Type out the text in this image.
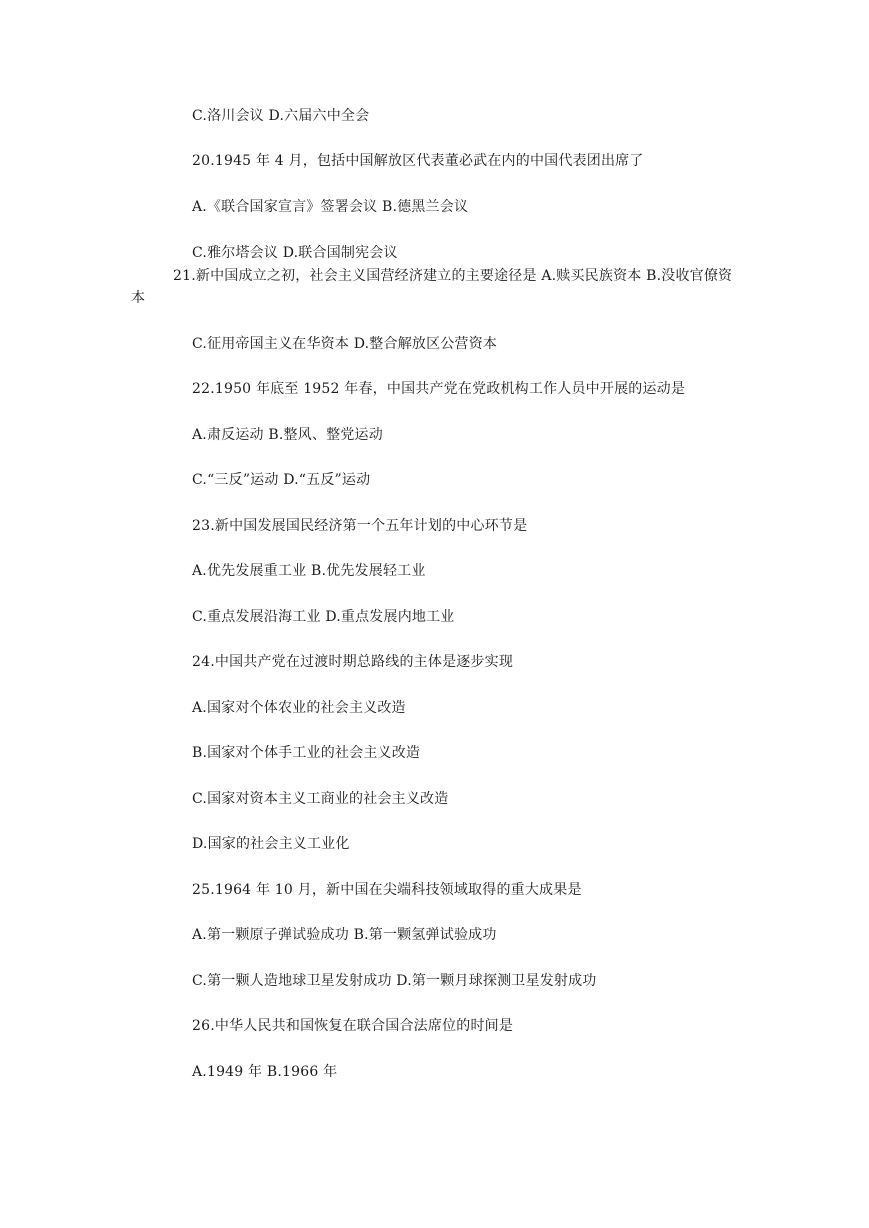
C.洛川会议 D.六届六中全会
20.1945 年 4 月，包括中国解放区代表董必武在内的中国代表团出席了
A.《联合国家宣言》签署会议 B.德黑兰会议
C.雅尔塔会议 D.联合国制宪会议
21.新中国成立之初，社会主义国营经济建立的主要途径是 A.赎买民族资本 B.没收官僚资本
C.征用帝国主义在华资本 D.整合解放区公营资本
22.1950 年底至 1952 年春，中国共产党在党政机构工作人员中开展的运动是
A.肃反运动 B.整风、整党运动
C.“三反”运动 D.“五反”运动
23.新中国发展国民经济第一个五年计划的中心环节是
A.优先发展重工业 B.优先发展轻工业
C.重点发展沿海工业 D.重点发展内地工业
24.中国共产党在过渡时期总路线的主体是逐步实现
A.国家对个体农业的社会主义改造
B.国家对个体手工业的社会主义改造
C.国家对资本主义工商业的社会主义改造
D.国家的社会主义工业化
25.1964 年 10 月，新中国在尖端科技领域取得的重大成果是
A.第一颗原子弹试验成功 B.第一颗氢弹试验成功
C.第一颗人造地球卫星发射成功 D.第一颗月球探测卫星发射成功
26.中华人民共和国恢复在联合国合法席位的时间是
A.1949 年 B.1966 年
